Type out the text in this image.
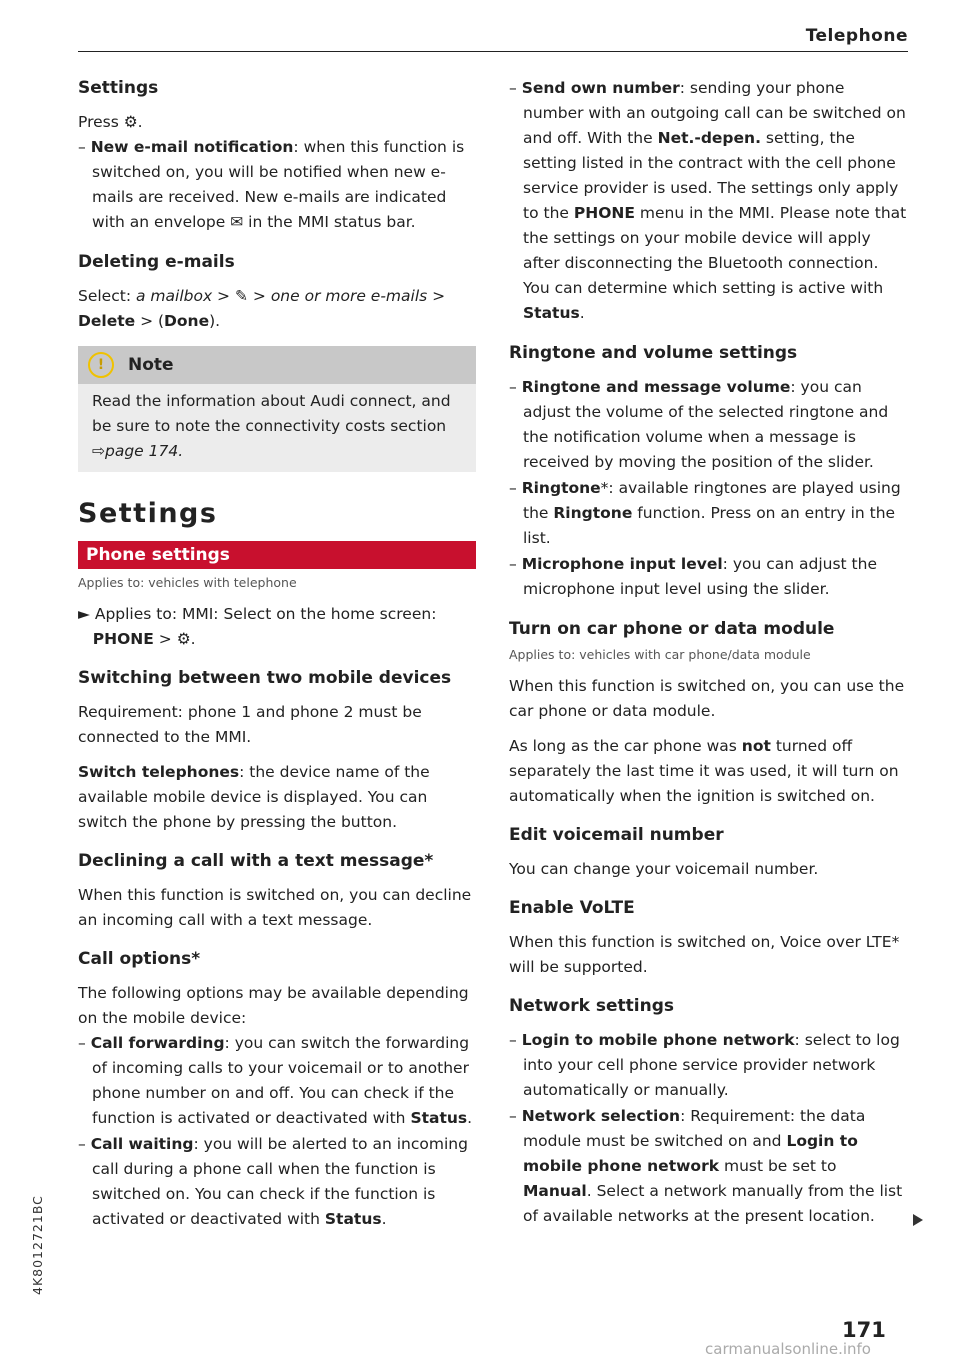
Telephone
Settings

Press ⚙.

– New e-mail notification: when this function is switched on, you will be notified when new e-mails are received. New e-mails are indicated with an envelope ✉ in the MMI status bar.
Deleting e-mails

Select: a mailbox > ✎ > one or more e-mails > Delete > (Done).

!	Note

Read the information about Audi connect, and be sure to note the connectivity costs section ⇨page 174.

Settings
Phone settings
Applies to: vehicles with telephone

► Applies to: MMI: Select on the home screen:
PHONE > ⚙.

Switching between two mobile devices

Requirement: phone 1 and phone 2 must be connected to the MMI.

Switch telephones: the device name of the available mobile device is displayed. You can switch the phone by pressing the button.

Declining a call with a text message*

When this function is switched on, you can decline an incoming call with a text message.

Call options*

The following options may be available depending on the mobile device:

– Call forwarding: you can switch the forwarding of incoming calls to your voicemail or to another phone number on and off. You can check if the function is activated or deactivated with Status.
– Call waiting: you will be alerted to an incoming call during a phone call when the function is switched on. You can check if the function is activated or deactivated with Status.
– Send own number: sending your phone number with an outgoing call can be switched on and off. With the Net.-depen. setting, the setting listed in the contract with the cell phone service provider is used. The settings only apply to the PHONE menu in the MMI. Please note that the settings on your mobile device will apply after disconnecting the Bluetooth connection. You can determine which setting is active with Status.
Ringtone and volume settings
– Ringtone and message volume: you can adjust the volume of the selected ringtone and the notification volume when a message is received by moving the position of the slider.
– Ringtone*: available ringtones are played using the Ringtone function. Press on an entry in the list.
– Microphone input level: you can adjust the microphone input level using the slider.
Turn on car phone or data module
Applies to: vehicles with car phone/data module

When this function is switched on, you can use the car phone or data module.

As long as the car phone was not turned off separately the last time it was used, it will turn on automatically when the ignition is switched on.

Edit voicemail number

You can change your voicemail number.

Enable VoLTE

When this function is switched on, Voice over LTE* will be supported.

Network settings
– Login to mobile phone network: select to log into your cell phone service provider network automatically or manually.
– Network selection: Requirement: the data module must be switched on and Login to mobile phone network must be set to Manual. Select a network manually from the list of available networks at the present location.
4K8012721BC
171
carmanualsonline.info
